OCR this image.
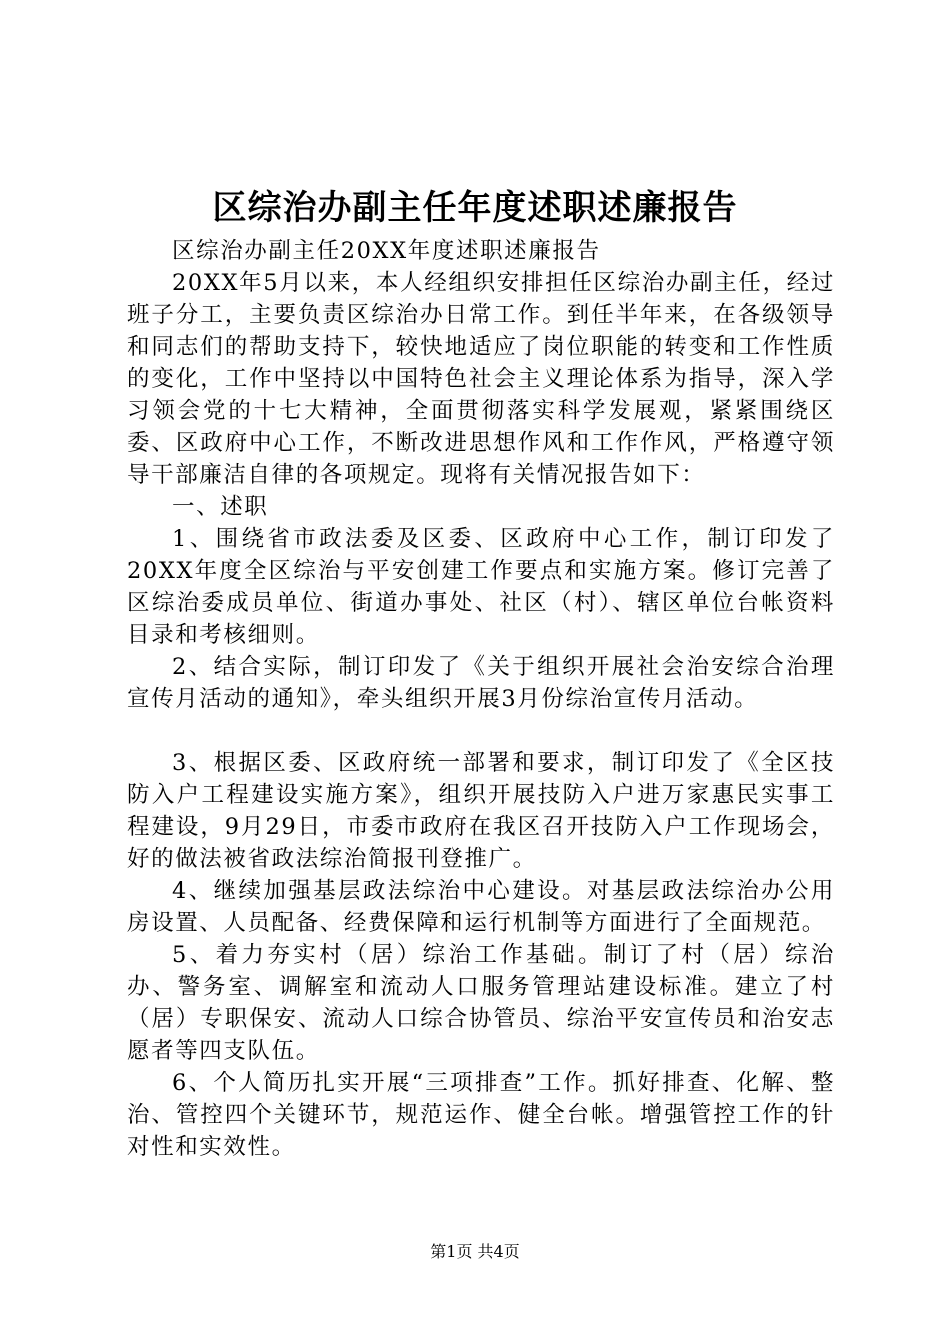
区综治办副主任年度述职述廉报告

区综治办副主任20XX年度述职述廉报告

20XX年5月以来，本人经组织安排担任区综治办副主任，经过班子分工，主要负责区综治办日常工作。到任半年来，在各级领导和同志们的帮助支持下，较快地适应了岗位职能的转变和工作性质的变化，工作中坚持以中国特色社会主义理论体系为指导，深入学习领会党的十七大精神，全面贯彻落实科学发展观，紧紧围绕区委、区政府中心工作，不断改进思想作风和工作作风，严格遵守领导干部廉洁自律的各项规定。现将有关情况报告如下：

一、述职

1、围绕省市政法委及区委、区政府中心工作，制订印发了20XX年度全区综治与平安创建工作要点和实施方案。修订完善了区综治委成员单位、街道办事处、社区（村）、辖区单位台帐资料目录和考核细则。

2、结合实际，制订印发了《关于组织开展社会治安综合治理宣传月活动的通知》，牵头组织开展3月份综治宣传月活动。

3、根据区委、区政府统一部署和要求，制订印发了《全区技防入户工程建设实施方案》，组织开展技防入户进万家惠民实事工程建设，9月29日，市委市政府在我区召开技防入户工作现场会，好的做法被省政法综治简报刊登推广。

4、继续加强基层政法综治中心建设。对基层政法综治办公用房设置、人员配备、经费保障和运行机制等方面进行了全面规范。

5、着力夯实村（居）综治工作基础。制订了村（居）综治办、警务室、调解室和流动人口服务管理站建设标准。建立了村（居）专职保安、流动人口综合协管员、综治平安宣传员和治安志愿者等四支队伍。

6、个人简历扎实开展“三项排查”工作。抓好排查、化解、整治、管控四个关键环节，规范运作、健全台帐。增强管控工作的针对性和实效性。

第1页 共4页
